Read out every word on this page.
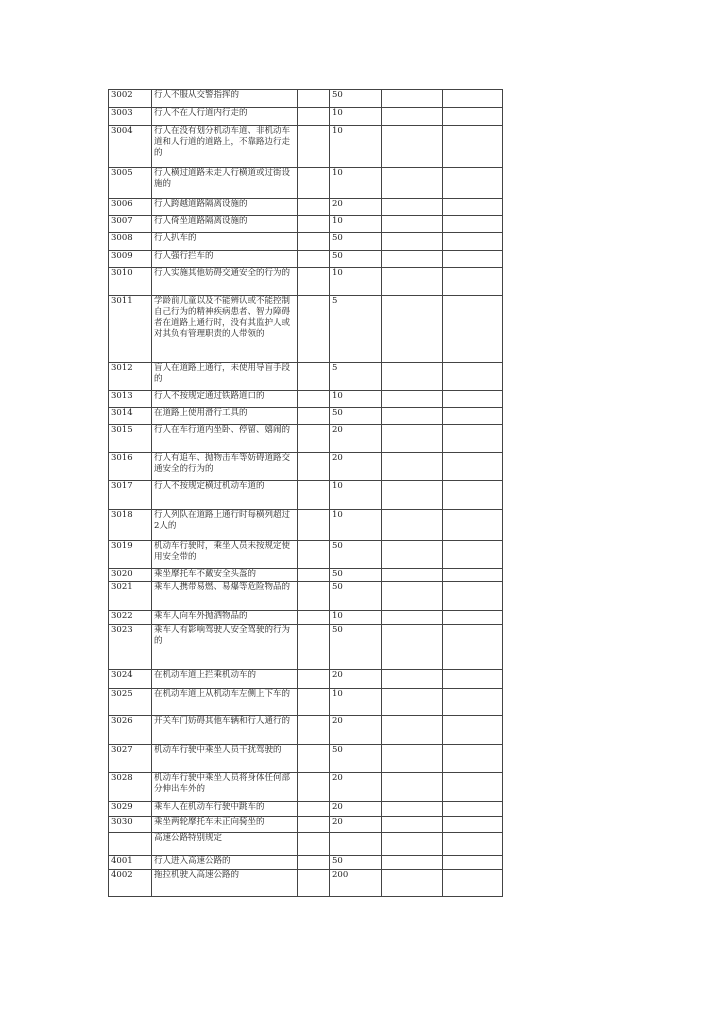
3002	行人不服从交警指挥的		50		
3003	行人不在人行道内行走的		10		
3004	行人在没有划分机动车道、非机动车道和人行道的道路上，不靠路边行走的		10		
3005	行人横过道路未走人行横道或过街设施的		10		
3006	行人跨越道路隔离设施的		20		
3007	行人倚坐道路隔离设施的		10		
3008	行人扒车的		50		
3009	行人强行拦车的		50		
3010	行人实施其他妨碍交通安全的行为的		10		
3011	学龄前儿童以及不能辨认或不能控制自己行为的精神疾病患者、智力障碍者在道路上通行时，没有其监护人或对其负有管理职责的人带领的		5		
3012	盲人在道路上通行，未使用导盲手段的		5		
3013	行人不按规定通过铁路道口的		10		
3014	在道路上使用滑行工具的		50		
3015	行人在车行道内坐卧、停留、嬉闹的		20		
3016	行人有追车、抛物击车等妨碍道路交通安全的行为的		20		
3017	行人不按规定横过机动车道的		10		
3018	行人列队在道路上通行时每横列超过2人的		10		
3019	机动车行驶时，乘坐人员未按规定使用安全带的		50		
3020	乘坐摩托车不戴安全头盔的		50		
3021	乘车人携带易燃、易爆等危险物品的		50		
3022	乘车人向车外抛洒物品的		10		
3023	乘车人有影响驾驶人安全驾驶的行为的		50		
3024	在机动车道上拦乘机动车的		20		
3025	在机动车道上从机动车左侧上下车的		10		
3026	开关车门妨碍其他车辆和行人通行的		20		
3027	机动车行驶中乘坐人员干扰驾驶的		50		
3028	机动车行驶中乘坐人员将身体任何部分伸出车外的		20		
3029	乘车人在机动车行驶中跳车的		20		
3030	乘坐两轮摩托车未正向骑坐的		20		
	高速公路特别规定				
4001	行人进入高速公路的		50		
4002	拖拉机驶入高速公路的		200		
